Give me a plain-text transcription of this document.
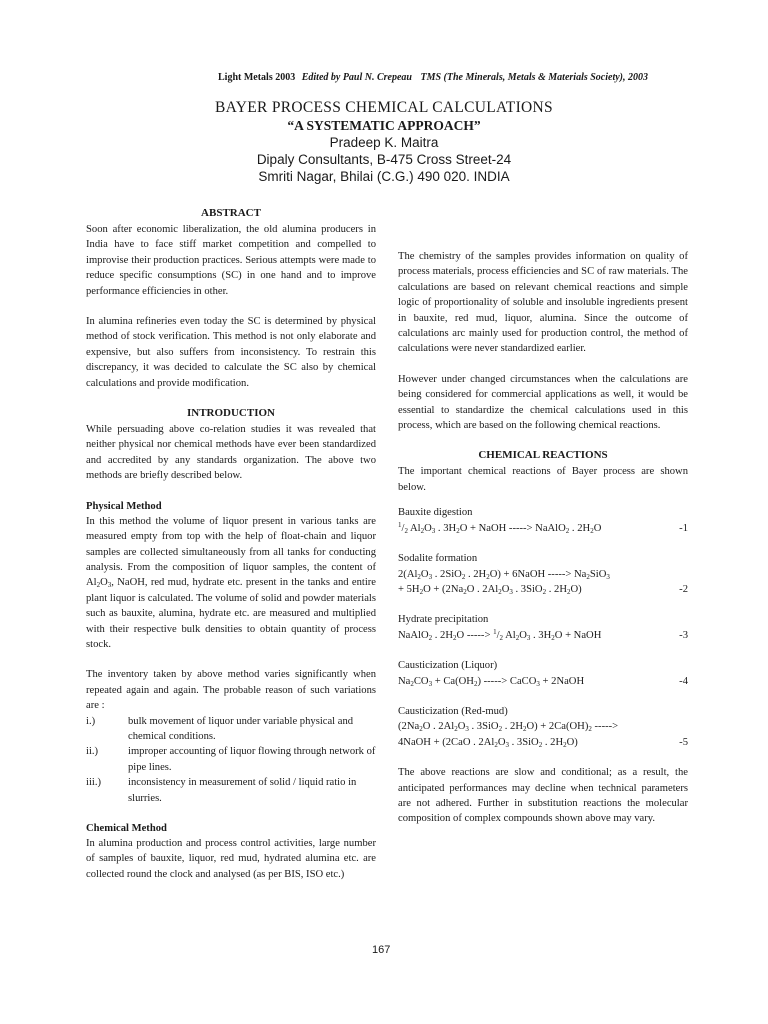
Light Metals 2003 Edited by Paul N. Crepeau TMS (The Minerals, Metals & Materials Society), 2003
BAYER PROCESS CHEMICAL CALCULATIONS
“A SYSTEMATIC APPROACH”
Pradeep K. Maitra
Dipaly Consultants, B-475 Cross Street-24
Smriti Nagar, Bhilai (C.G.) 490 020. INDIA
ABSTRACT

Soon after economic liberalization, the old alumina producers in India have to face stiff market competition and compelled to improvise their production practices. Serious attempts were made to reduce specific consumptions (SC) in one hand and to improve performance efficiencies in other.

In alumina refineries even today the SC is determined by physical method of stock verification. This method is not only elaborate and expensive, but also suffers from inconsistency. To restrain this discrepancy, it was decided to calculate the SC also by chemical calculations and provide modification.

INTRODUCTION

While persuading above co-relation studies it was revealed that neither physical nor chemical methods have ever been standardized and accredited by any standards organization. The above two methods are briefly described below.

Physical Method

In this method the volume of liquor present in various tanks are measured empty from top with the help of float-chain and liquor samples are collected simultaneously from all tanks for conducting analysis. From the composition of liquor samples, the content of $Al_2O_3$, NaOH, red mud, hydrate etc. present in the tanks and entire plant liquor is calculated. The volume of solid and powder materials such as bauxite, alumina, hydrate etc. are measured and multiplied with their respective bulk densities to obtain quantity of process stock.

The inventory taken by above method varies significantly when repeated again and again. The probable reason of such variations are :

i.)	bulk movement of liquor under variable physical and chemical conditions.
ii.)	improper accounting of liquor flowing through network of pipe lines.
iii.)	inconsistency in measurement of solid / liquid ratio in slurries.
Chemical Method

In alumina production and process control activities, large number of samples of bauxite, liquor, red mud, hydrated alumina etc. are collected round the clock and analysed (as per BIS, ISO etc.)

The chemistry of the samples provides information on quality of process materials, process efficiencies and SC of raw materials. The calculations are based on relevant chemical reactions and simple logic of proportionality of soluble and insoluble ingredients present in bauxite, red mud, liquor, alumina. Since the outcome of calculations arc mainly used for production control, the method of calculations were never standardized earlier.

However under changed circumstances when the calculations are being considered for commercial applications as well, it would be essential to standardize the chemical calculations used in this process, which are based on the following chemical reactions.

CHEMICAL REACTIONS

The important chemical reactions of Bayer process are shown below.

Bauxite digestion
$^1/_2$ $Al_2O_3$ . $3H_2O$ + NaOH -----> NaAlO$_2$ . $2H_2O$	-1
Sodalite formation
$2(Al_2O_3$ . 2SiO$_2$ . $2H_2O$) + 6NaOH -----> $Na_2SiO_3$
+ $5H_2O + (2Na_2O$ . $2Al_2O_3$ . 3SiO$_2$ . $2H_2O$)	-2
Hydrate precipitation
NaAlO$_2$ . $2H_2O$ -----> $^1/_2$ $Al_2O_3$ . $3H_2O$ + NaOH	-3
Causticization (Liquor)
$Na_2CO_3 + Ca(OH_2)$ -----> CaCO$_3$ + 2NaOH	-4
Causticization (Red-mud)
($2Na_2O$ . $2Al_2O_3$ . 3SiO$_2$ . $2H_2O) + 2Ca(OH)_2$ ----->
4NaOH + (2CaO . $2Al_2O_3$ . 3SiO$_2$ . $2H_2O$)	-5

The above reactions are slow and conditional; as a result, the anticipated performances may decline when technical parameters are not adhered. Further in substitution reactions the molecular composition of complex compounds shown above may vary.

167
